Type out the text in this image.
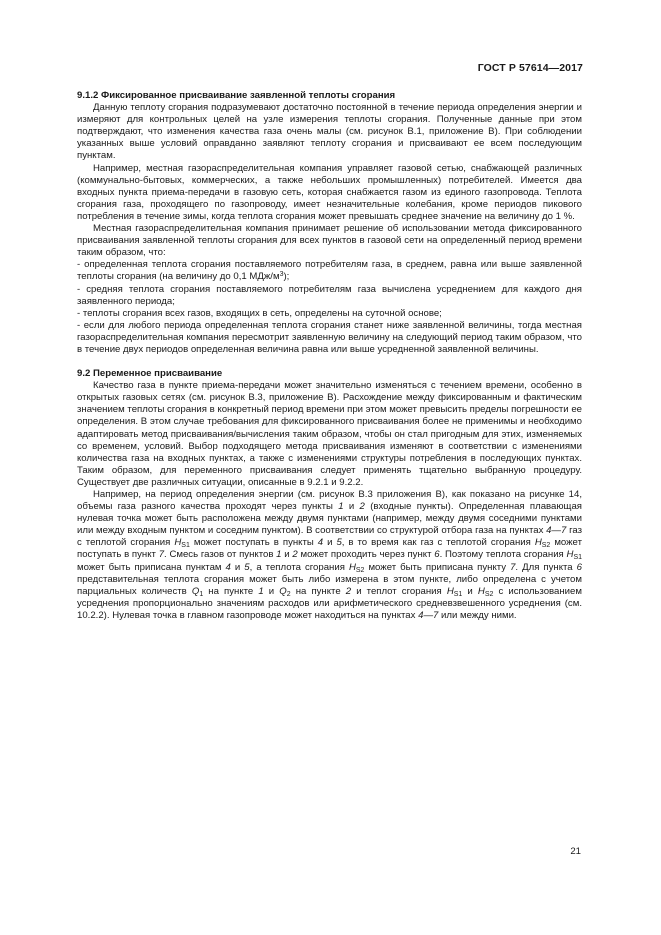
ГОСТ Р 57614—2017
9.1.2 Фиксированное присваивание заявленной теплоты сгорания

Данную теплоту сгорания подразумевают достаточно постоянной в течение периода определения энергии и измеряют для контрольных целей на узле измерения теплоты сгорания. Полученные данные при этом подтверждают, что изменения качества газа очень малы (см. рисунок В.1, приложение В). При соблюдении указанных выше условий оправданно заявляют теплоту сгорания и присваивают ее всем последующим пунктам.

Например, местная газораспределительная компания управляет газовой сетью, снабжающей различных (коммунально-бытовых, коммерческих, а также небольших промышленных) потребителей. Имеется два входных пункта приема-передачи в газовую сеть, которая снабжается газом из единого газопровода. Теплота сгорания газа, проходящего по газопроводу, имеет незначительные колебания, кроме периодов пикового потребления в течение зимы, когда теплота сгорания может превышать среднее значение на величину до 1 %.

Местная газораспределительная компания принимает решение об использовании метода фиксированного присваивания заявленной теплоты сгорания для всех пунктов в газовой сети на определенный период времени таким образом, что:

- определенная теплота сгорания поставляемого потребителям газа, в среднем, равна или выше заявленной теплоты сгорания (на величину до 0,1 МДж/$м^3$);

- средняя теплота сгорания поставляемого потребителям газа вычислена усреднением для каждого дня заявленного периода;

- теплоты сгорания всех газов, входящих в сеть, определены на суточной основе;

- если для любого периода определенная теплота сгорания станет ниже заявленной величины, тогда местная газораспределительная компания пересмотрит заявленную величину на следующий период таким образом, что в течение двух периодов определенная величина равна или выше усредненной заявленной величины.

9.2 Переменное присваивание

Качество газа в пункте приема-передачи может значительно изменяться с течением времени, особенно в открытых газовых сетях (см. рисунок В.3, приложение В). Расхождение между фиксированным и фактическим значением теплоты сгорания в конкретный период времени при этом может превысить пределы погрешности ее определения. В этом случае требования для фиксированного присваивания более не применимы и необходимо адаптировать метод присваивания/вычисления таким образом, чтобы он стал пригодным для этих, изменяемых со временем, условий. Выбор подходящего метода присваивания изменяют в соответствии с изменениями количества газа на входных пунктах, а также с изменениями структуры потребления в последующих пунктах. Таким образом, для переменного присваивания следует применять тщательно выбранную процедуру. Существует две различных ситуации, описанные в 9.2.1 и 9.2.2.

Например, на период определения энергии (см. рисунок В.3 приложения В), как показано на рисунке 14, объемы газа разного качества проходят через пункты 1 и 2 (входные пункты). Определенная плавающая нулевая точка может быть расположена между двумя пунктами (например, между двумя соседними пунктами или между входным пунктом и соседним пунктом). В соответствии со структурой отбора газа на пунктах 4—7 газ с теплотой сгорания $H_{S1}$ может поступать в пункты 4 и 5, в то время как газ с теплотой сгорания $H_{S2}$ может поступать в пункт 7. Смесь газов от пунктов 1 и 2 может проходить через пункт 6. Поэтому теплота сгорания $H_{S1}$ может быть приписана пунктам 4 и 5, а теплота сгорания $H_{S2}$ может быть приписана пункту 7. Для пункта 6 представительная теплота сгорания может быть либо измерена в этом пункте, либо определена с учетом парциальных количеств $Q_1$ на пункте 1 и $Q_2$ на пункте 2 и теплот сгорания $H_{S1}$ и $H_{S2}$ с использованием усреднения пропорционально значениям расходов или арифметического средневзвешенного усреднения (см. 10.2.2). Нулевая точка в главном газопроводе может находиться на пунктах 4—7 или между ними.

21
